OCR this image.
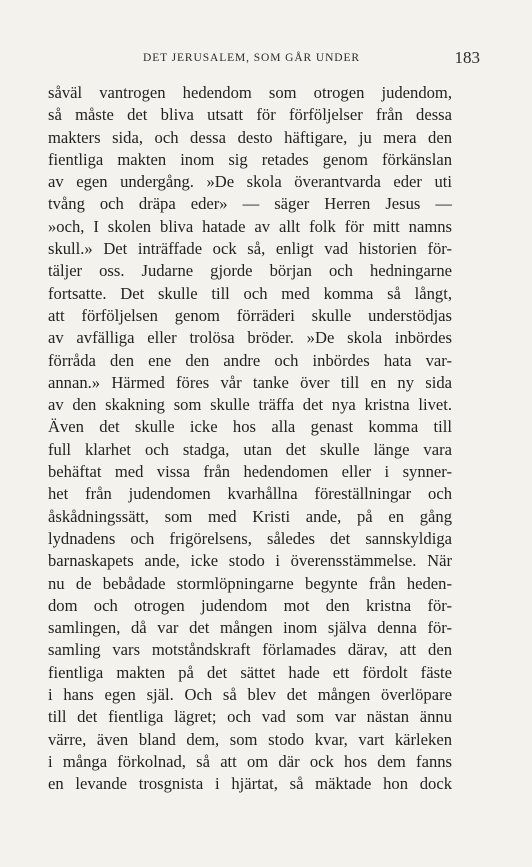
DET JERUSALEM, SOM GÅR UNDER	183
såväl vantrogen hedendom som otrogen judendom,
så måste det bliva utsatt för förföljelser från dessa
makters sida, och dessa desto häftigare, ju mera den
fientliga makten inom sig retades genom förkänslan
av egen undergång. »De skola överantvarda eder uti
tvång och dräpa eder» — säger Herren Jesus —
»och, I skolen bliva hatade av allt folk för mitt namns
skull.» Det inträffade ock så, enligt vad historien för-
täljer oss. Judarne gjorde början och hedningarne
fortsatte. Det skulle till och med komma så långt,
att förföljelsen genom förräderi skulle understödjas
av avfälliga eller trolösa bröder. »De skola inbördes
förråda den ene den andre och inbördes hata var-
annan.» Härmed föres vår tanke över till en ny sida
av den skakning som skulle träffa det nya kristna livet.
Även det skulle icke hos alla genast komma till
full klarhet och stadga, utan det skulle länge vara
behäftat med vissa från hedendomen eller i synner-
het från judendomen kvarhållna föreställningar och
åskådningssätt, som med Kristi ande, på en gång
lydnadens och frigörelsens, således det sannskyldiga
barnaskapets ande, icke stodo i överensstämmelse. När
nu de bebådade stormlöpningarne begynte från heden-
dom och otrogen judendom mot den kristna för-
samlingen, då var det mången inom själva denna för-
samling vars motståndskraft förlamades därav, att den
fientliga makten på det sättet hade ett fördolt fäste
i hans egen själ. Och så blev det mången överlöpare
till det fientliga lägret; och vad som var nästan ännu
värre, även bland dem, som stodo kvar, vart kärleken
i många förkolnad, så att om där ock hos dem fanns
en levande trosgnista i hjärtat, så mäktade hon dock
